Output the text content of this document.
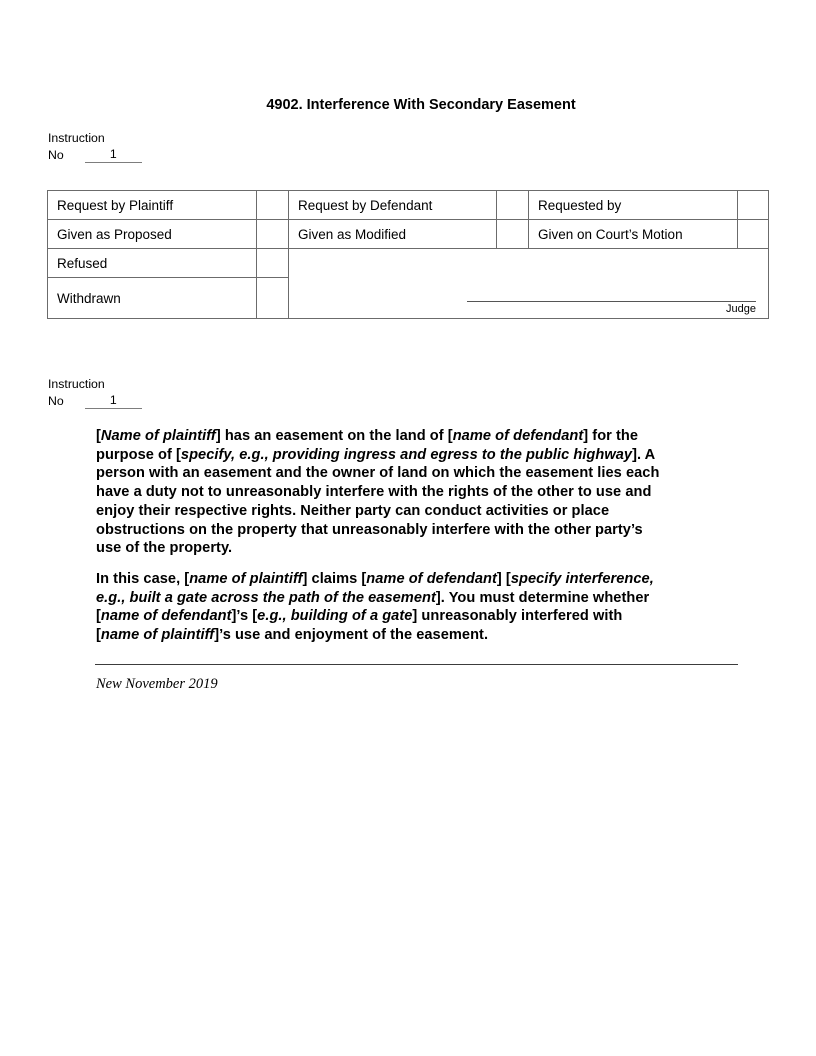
4902. Interference With Secondary Easement
Instruction
No	1
Request by Plaintiff		Request by Defendant		Requested by	
Given as Proposed		Given as Modified		Given on Court’s Motion	
Refused		Judge			

Withdrawn					
Instruction
No	1
[Name of plaintiff] has an easement on the land of [name of defendant] for the
purpose of [specify, e.g., providing ingress and egress to the public highway]. A
person with an easement and the owner of land on which the easement lies each
have a duty not to unreasonably interfere with the rights of the other to use and
enjoy their respective rights. Neither party can conduct activities or place
obstructions on the property that unreasonably interfere with the other party’s
use of the property.
In this case, [name of plaintiff] claims [name of defendant] [specify interference,
e.g., built a gate across the path of the easement]. You must determine whether
[name of defendant]’s [e.g., building of a gate] unreasonably interfered with
[name of plaintiff]’s use and enjoyment of the easement.
New November 2019
